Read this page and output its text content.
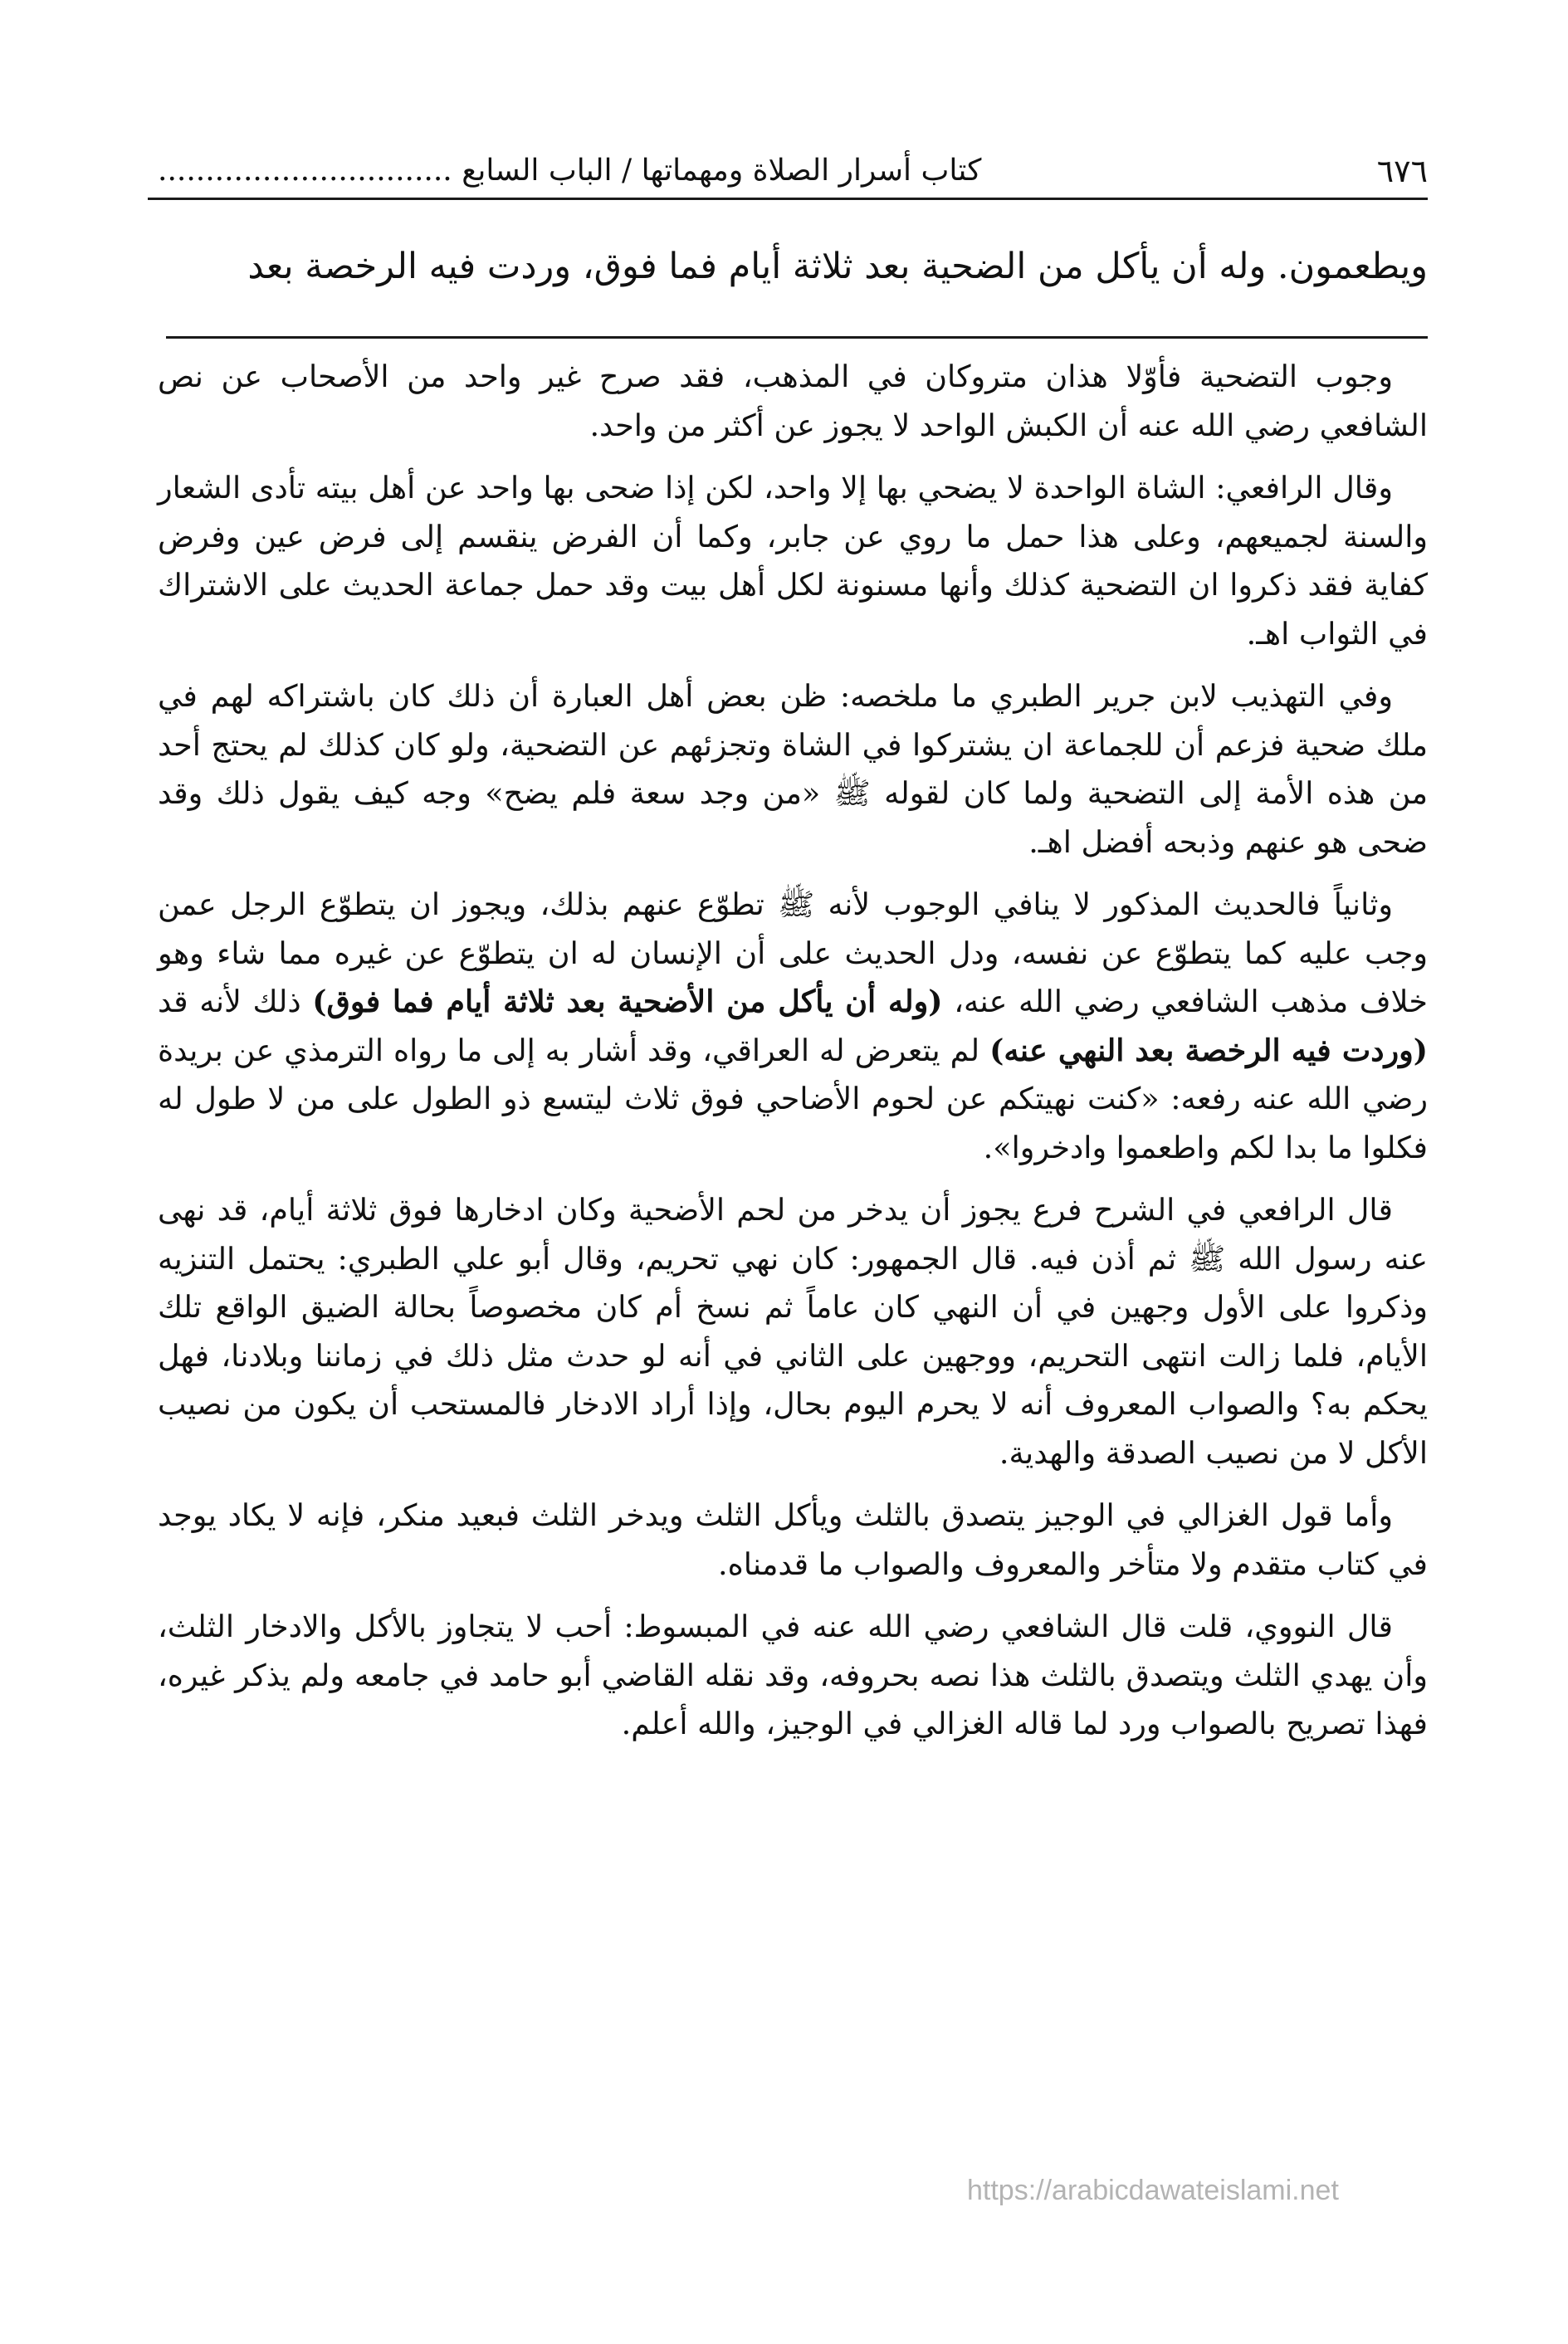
٦٧٦
كتاب أسرار الصلاة ومهماتها / الباب السابع ...............................
ويطعمون. وله أن يأكل من الضحية بعد ثلاثة أيام فما فوق، وردت فيه الرخصة بعد

وجوب التضحية فأوّلا هذان متروكان في المذهب، فقد صرح غير واحد من الأصحاب عن نص الشافعي رضي الله عنه أن الكبش الواحد لا يجوز عن أكثر من واحد.

وقال الرافعي: الشاة الواحدة لا يضحي بها إلا واحد، لكن إذا ضحى بها واحد عن أهل بيته تأدى الشعار والسنة لجميعهم، وعلى هذا حمل ما روي عن جابر، وكما أن الفرض ينقسم إلى فرض عين وفرض كفاية فقد ذكروا ان التضحية كذلك وأنها مسنونة لكل أهل بيت وقد حمل جماعة الحديث على الاشتراك في الثواب اهـ.

وفي التهذيب لابن جرير الطبري ما ملخصه: ظن بعض أهل العبارة أن ذلك كان باشتراكه لهم في ملك ضحية فزعم أن للجماعة ان يشتركوا في الشاة وتجزئهم عن التضحية، ولو كان كذلك لم يحتج أحد من هذه الأمة إلى التضحية ولما كان لقوله ﷺ «من وجد سعة فلم يضح» وجه كيف يقول ذلك وقد ضحى هو عنهم وذبحه أفضل اهـ.

وثانياً فالحديث المذكور لا ينافي الوجوب لأنه ﷺ تطوّع عنهم بذلك، ويجوز ان يتطوّع الرجل عمن وجب عليه كما يتطوّع عن نفسه، ودل الحديث على أن الإنسان له ان يتطوّع عن غيره مما شاء وهو خلاف مذهب الشافعي رضي الله عنه، (وله أن يأكل من الأضحية بعد ثلاثة أيام فما فوق) ذلك لأنه قد (وردت فيه الرخصة بعد النهي عنه) لم يتعرض له العراقي، وقد أشار به إلى ما رواه الترمذي عن بريدة رضي الله عنه رفعه: «كنت نهيتكم عن لحوم الأضاحي فوق ثلاث ليتسع ذو الطول على من لا طول له فكلوا ما بدا لكم واطعموا وادخروا».

قال الرافعي في الشرح فرع يجوز أن يدخر من لحم الأضحية وكان ادخارها فوق ثلاثة أيام، قد نهى عنه رسول الله ﷺ ثم أذن فيه. قال الجمهور: كان نهي تحريم، وقال أبو علي الطبري: يحتمل التنزيه وذكروا على الأول وجهين في أن النهي كان عاماً ثم نسخ أم كان مخصوصاً بحالة الضيق الواقع تلك الأيام، فلما زالت انتهى التحريم، ووجهين على الثاني في أنه لو حدث مثل ذلك في زماننا وبلادنا، فهل يحكم به؟ والصواب المعروف أنه لا يحرم اليوم بحال، وإذا أراد الادخار فالمستحب أن يكون من نصيب الأكل لا من نصيب الصدقة والهدية.

وأما قول الغزالي في الوجيز يتصدق بالثلث ويأكل الثلث ويدخر الثلث فبعيد منكر، فإنه لا يكاد يوجد في كتاب متقدم ولا متأخر والمعروف والصواب ما قدمناه.

قال النووي، قلت قال الشافعي رضي الله عنه في المبسوط: أحب لا يتجاوز بالأكل والادخار الثلث، وأن يهدي الثلث ويتصدق بالثلث هذا نصه بحروفه، وقد نقله القاضي أبو حامد في جامعه ولم يذكر غيره، فهذا تصريح بالصواب ورد لما قاله الغزالي في الوجيز، والله أعلم.

https://arabicdawateislami.net
